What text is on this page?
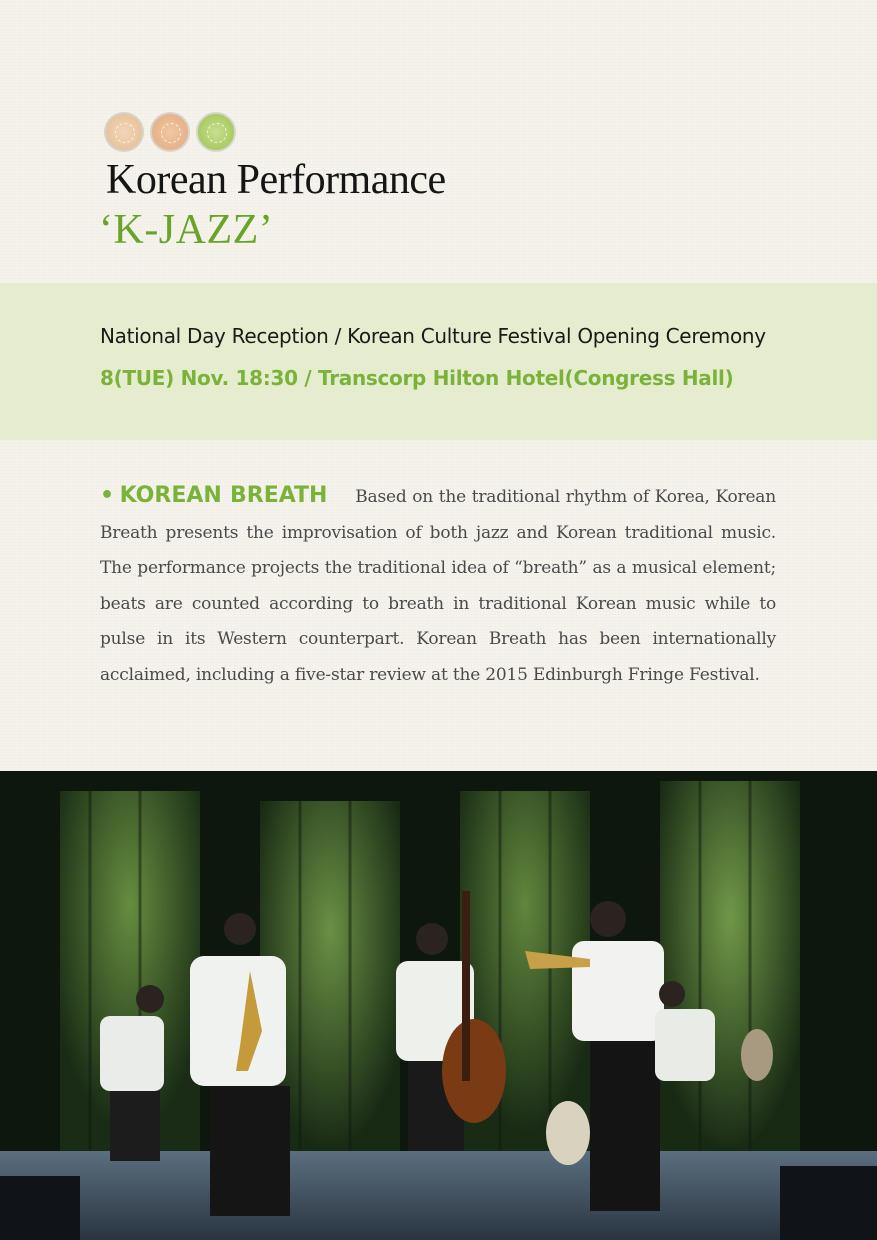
Korean Performance
‘K-JAZZ’

National Day Reception / Korean Culture Festival Opening Ceremony

8(TUE) Nov. 18:30 / Transcorp Hilton Hotel(Congress Hall)

• KOREAN BREATH Based on the traditional rhythm of Korea, Korean Breath presents the improvisation of both jazz and Korean traditional music. The performance projects the traditional idea of “breath” as a musical element; beats are counted according to breath in traditional Korean music while to pulse in its Western counterpart. Korean Breath has been internationally acclaimed, including a five-star review at the 2015 Edinburgh Fringe Festival.
